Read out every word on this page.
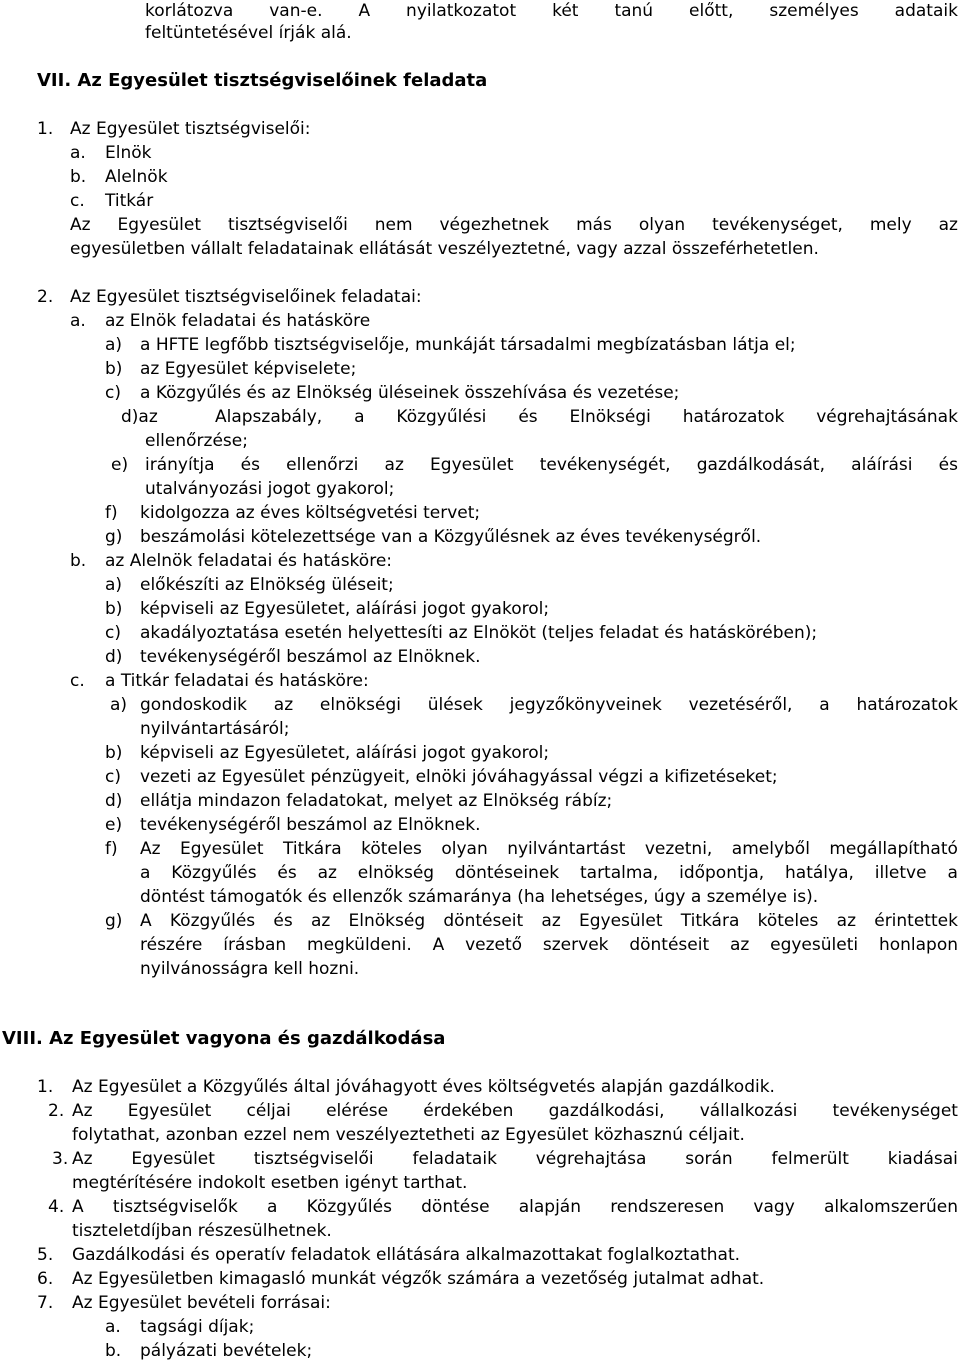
korlátozva van-e. A nyilatkozatot két tanú előtt, személyes adataik
feltüntetésével írják alá.
VII. Az Egyesület tisztségviselőinek feladata
1. Az Egyesület tisztségviselői:
a. Elnök
b. Alelnök
c. Titkár
Az Egyesület tisztségviselői nem végezhetnek más olyan tevékenységet, mely az
egyesületben vállalt feladatainak ellátását veszélyeztetné, vagy azzal összeférhetetlen.
2. Az Egyesület tisztségviselőinek feladatai:
a. az Elnök feladatai és hatásköre
a) a HFTE legfőbb tisztségviselője, munkáját társadalmi megbízatásban látja el;
b) az Egyesület képviselete;
c) a Közgyűlés és az Elnökség üléseinek összehívása és vezetése;
d)az	Alapszabály, a Közgyűlési és Elnökségi határozatok végrehajtásának
ellenőrzése;
e) irányítja és ellenőrzi az Egyesület tevékenységét, gazdálkodását, aláírási és
utalványozási jogot gyakorol;
f) kidolgozza az éves költségvetési tervet;
g) beszámolási kötelezettsége van a Közgyűlésnek az éves tevékenységről.
b. az Alelnök feladatai és hatásköre:
a) előkészíti az Elnökség üléseit;
b) képviseli az Egyesületet, aláírási jogot gyakorol;
c) akadályoztatása esetén helyettesíti az Elnököt (teljes feladat és hatáskörében);
d) tevékenységéről beszámol az Elnöknek.
c. a Titkár feladatai és hatásköre:
a) gondoskodik az elnökségi ülések jegyzőkönyveinek vezetéséről, a határozatok
nyilvántartásáról;
b) képviseli az Egyesületet, aláírási jogot gyakorol;
c) vezeti az Egyesület pénzügyeit, elnöki jóváhagyással végzi a kifizetéseket;
d) ellátja mindazon feladatokat, melyet az Elnökség rábíz;
e) tevékenységéről beszámol az Elnöknek.
f) Az Egyesület Titkára köteles olyan nyilvántartást vezetni, amelyből megállapítható
a Közgyűlés és az elnökség döntéseinek tartalma, időpontja, hatálya, illetve a
döntést támogatók és ellenzők számaránya (ha lehetséges, úgy a személye is).
g) A Közgyűlés és az Elnökség döntéseit az Egyesület Titkára köteles az érintettek
részére írásban megküldeni. A vezető szervek döntéseit az egyesületi honlapon
nyilvánosságra kell hozni.
VIII. Az Egyesület vagyona és gazdálkodása
1. Az Egyesület a Közgyűlés által jóváhagyott éves költségvetés alapján gazdálkodik.
2. Az Egyesület céljai elérése érdekében gazdálkodási, vállalkozási tevékenységet
folytathat, azonban ezzel nem veszélyeztetheti az Egyesület közhasznú céljait.
3. Az Egyesület tisztségviselői feladataik végrehajtása során felmerült kiadásai
megtérítésére indokolt esetben igényt tarthat.
4. A tisztségviselők a Közgyűlés döntése alapján rendszeresen vagy alkalomszerűen
tiszteletdíjban részesülhetnek.
5. Gazdálkodási és operatív feladatok ellátására alkalmazottakat foglalkoztathat.
6. Az Egyesületben kimagasló munkát végzők számára a vezetőség jutalmat adhat.
7. Az Egyesület bevételi forrásai:
a. tagsági díjak;
b. pályázati bevételek;
